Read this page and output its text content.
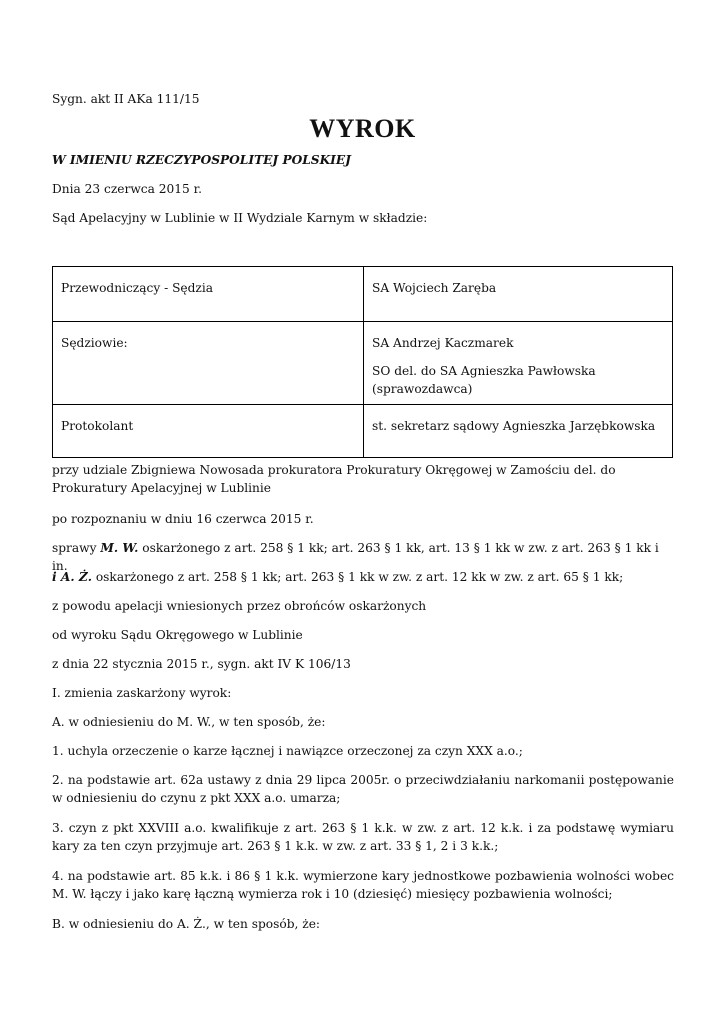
Sygn. akt II AKa 111/15

WYROK

W IMIENIU RZECZYPOSPOLITEJ POLSKIEJ

Dnia 23 czerwca 2015 r.

Sąd Apelacyjny w Lublinie w II Wydziale Karnym w składzie:

Przewodniczący - Sędzia	SA Wojciech Zaręba

Sędziowie:	SA Andrzej Kaczmarek
SO del. do SA Agnieszka Pawłowska (sprawozdawca)

Protokolant	st. sekretarz sądowy Agnieszka Jarzębkowska

przy udziale Zbigniewa Nowosada prokuratora Prokuratury Okręgowej w Zamościu del. do Prokuratury Apelacyjnej w Lublinie

po rozpoznaniu w dniu 16 czerwca 2015 r.

sprawy M. W. oskarżonego z art. 258 § 1 kk; art. 263 § 1 kk, art. 13 § 1 kk w zw. z art. 263 § 1 kk i in.

i A. Ż. oskarżonego z art. 258 § 1 kk; art. 263 § 1 kk w zw. z art. 12 kk w zw. z art. 65 § 1 kk;

z powodu apelacji wniesionych przez obrońców oskarżonych

od wyroku Sądu Okręgowego w Lublinie

z dnia 22 stycznia 2015 r., sygn. akt IV K 106/13

I. zmienia zaskarżony wyrok:

A. w odniesieniu do M. W., w ten sposób, że:

1. uchyla orzeczenie o karze łącznej i nawiązce orzeczonej za czyn XXX a.o.;

2. na podstawie art. 62a ustawy z dnia 29 lipca 2005r. o przeciwdziałaniu narkomanii postępowanie w odniesieniu do czynu z pkt XXX a.o. umarza;

3. czyn z pkt XXVIII a.o. kwalifikuje z art. 263 § 1 k.k. w zw. z art. 12 k.k. i za podstawę wymiaru kary za ten czyn przyjmuje art. 263 § 1 k.k. w zw. z art. 33 § 1, 2 i 3 k.k.;

4. na podstawie art. 85 k.k. i 86 § 1 k.k. wymierzone kary jednostkowe pozbawienia wolności wobec M. W. łączy i jako karę łączną wymierza rok i 10 (dziesięć) miesięcy pozbawienia wolności;

B. w odniesieniu do A. Ż., w ten sposób, że:
